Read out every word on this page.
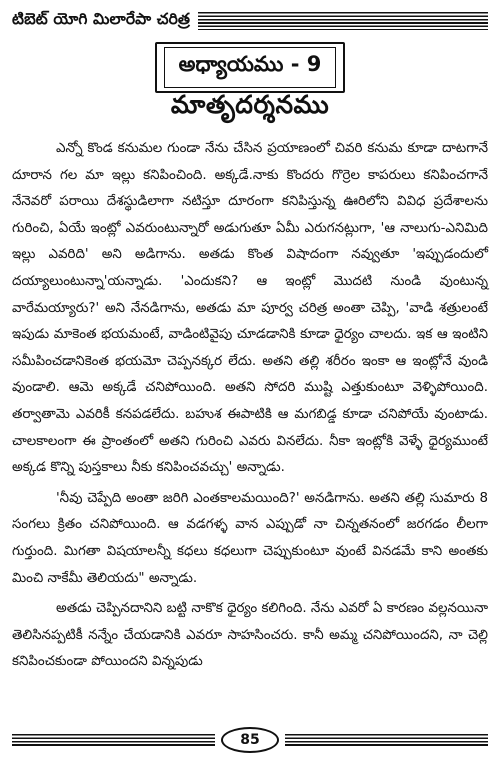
టిబెట్ యోగి మిలారేపా చరిత్ర
అధ్యాయము - 9
మాతృదర్శనము

ఎన్నో కొండ కనుమల గుండా నేను చేసిన ప్రయాణంలో చివరి కనుమ కూడా దాటగానే దూరాన గల మా ఇల్లు కనిపించింది. అక్కడే.నాకు కొందరు గొర్రెల కాపరులు కనిపించగానే నేనెవరో పరాయి దేశస్థుడిలాగా నటిస్తూ దూరంగా కనిపిస్తున్న ఊరిలోని వివిధ ప్రదేశాలను గురించి, ఏయే ఇంట్లో ఎవరుంటున్నారో అడుగుతూ ఏమీ ఎరుగనట్లుగా, 'ఆ నాలుగు-ఎనిమిది ఇల్లు ఎవరిది' అని అడిగాను. అతడు కొంత విషాదంగా నవ్వుతూ 'ఇప్పుడందులో దయ్యాలుంటున్నా'యన్నాడు. 'ఎందుకని? ఆ ఇంట్లో మొదటి నుండి వుంటున్న వారేమయ్యారు?' అని నేనడిగాను, అతడు మా పూర్వ చరిత్ర అంతా చెప్పి, 'వాడి శత్రులంటే ఇపుడు మాకెంత భయమంటే, వాడింటివైపు చూడడానికి కూడా ధైర్యం చాలదు. ఇక ఆ ఇంటిని సమీపించడానికెంత భయమో చెప్పనక్కర లేదు. అతని తల్లి శరీరం ఇంకా ఆ ఇంట్లోనే వుండి వుండాలి. ఆమె అక్కడే చనిపోయింది. అతని సోదరి ముష్టి ఎత్తుకుంటూ వెళ్ళిపోయింది. తర్వాతామె ఎవరికీ కనపడలేదు. బహుశ ఈపాటికి ఆ మగబిడ్డ కూడా చనిపోయే వుంటాడు. చాలకాలంగా ఈ ప్రాంతంలో అతని గురించి ఎవరు వినలేదు. నీకా ఇంట్లోకి వెళ్ళే ధైర్యముంటే అక్కడ కొన్ని పుస్తకాలు నీకు కనిపించవచ్చు' అన్నాడు.

'నీవు చెప్పేది అంతా జరిగి ఎంతకాలమయింది?' అనడిగాను. అతని తల్లి సుమారు 8 సంగలు క్రితం చనిపోయింది. ఆ వడగళ్ళ వాన ఎప్పుడో నా చిన్నతనంలో జరగడం లీలగా గుర్తుంది. మిగతా విషయాలన్నీ కధలు కధలుగా చెప్పుకుంటూ వుంటే వినడమే కాని అంతకు మించి నాకేమీ తెలియదు" అన్నాడు.

అతడు చెప్పినదానిని బట్టి నాకొక ధైర్యం కలిగింది. నేను ఎవరో ఏ కారణం వల్లనయినా తెలిసినప్పటికీ నన్నేం చేయడానికి ఎవరూ సాహసించరు. కానీ అమ్మ చనిపోయిందని, నా చెల్లి కనిపించకుండా పోయిందని విన్నపుడు

85
